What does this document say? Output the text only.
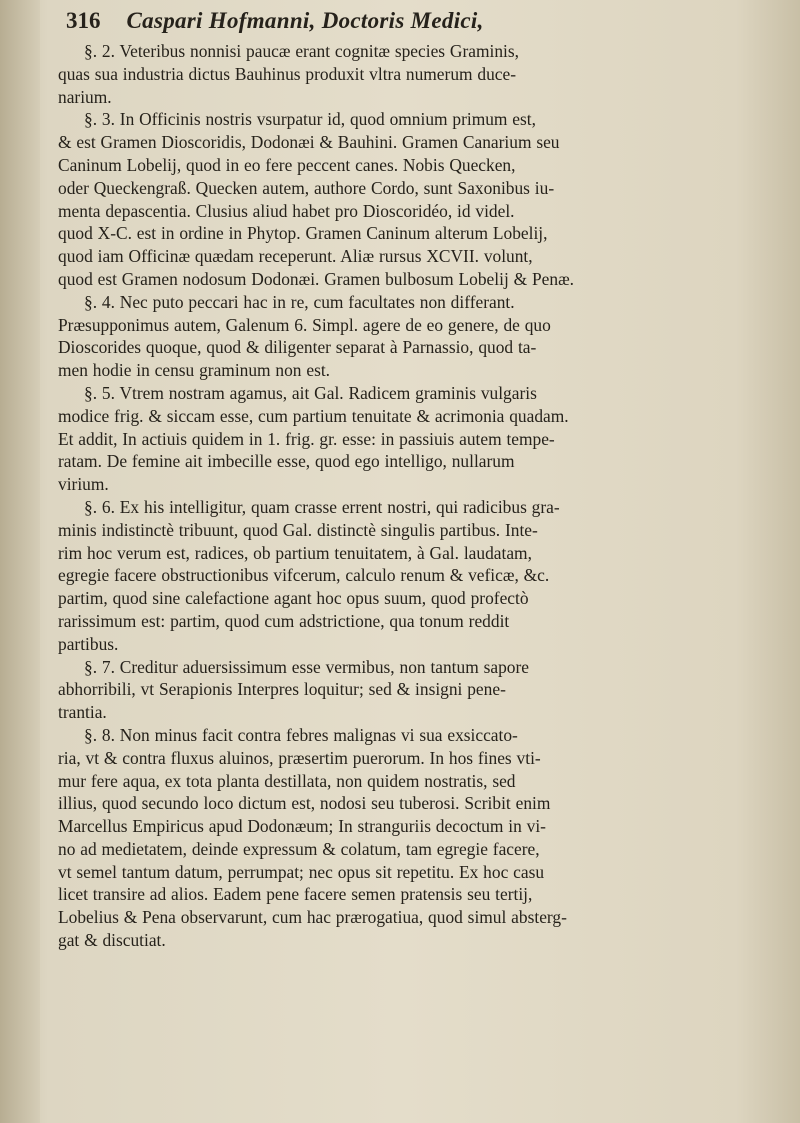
316 Caspari Hofmanni, Doctoris Medici,

§. 2. Veteribus nonnisi paucæ erant cognitæ species Graminis,
quas sua industria dictus Bauhinus produxit vltra numerum duce-
narium.

§. 3. In Officinis nostris vsurpatur id, quod omnium primum est,
& est Gramen Dioscoridis, Dodonæi & Bauhini. Gramen Canarium seu
Caninum Lobelij, quod in eo fere peccent canes. Nobis Quecken,
oder Queckengraß. Quecken autem, authore Cordo, sunt Saxonibus iu-
menta depascentia. Clusius aliud habet pro Dioscoridéo, id videl.
quod X-C. est in ordine in Phytop. Gramen Caninum alterum Lobelij,
quod iam Officinæ quædam receperunt. Aliæ rursus XCVII. volunt,
quod est Gramen nodosum Dodonæi. Gramen bulbosum Lobelij & Penæ.

§. 4. Nec puto peccari hac in re, cum facultates non differant.
Præsupponimus autem, Galenum 6. Simpl. agere de eo genere, de quo
Dioscorides quoque, quod & diligenter separat à Parnassio, quod ta-
men hodie in censu graminum non est.

§. 5. Vtrem nostram agamus, ait Gal. Radicem graminis vulgaris
modice frig. & siccam esse, cum partium tenuitate & acrimonia quadam.
Et addit, In actiuis quidem in 1. frig. gr. esse: in passiuis autem tempe-
ratam. De femine ait imbecille esse, quod ego intelligo, nullarum
virium.

§. 6. Ex his intelligitur, quam crasse errent nostri, qui radicibus gra-
minis indistinctè tribuunt, quod Gal. distinctè singulis partibus. Inte-
rim hoc verum est, radices, ob partium tenuitatem, à Gal. laudatam,
egregie facere obstructionibus vifcerum, calculo renum & veficæ, &c.
partim, quod sine calefactione agant hoc opus suum, quod profectò
rarissimum est: partim, quod cum adstrictione, qua tonum reddit
partibus.

§. 7. Creditur aduersissimum esse vermibus, non tantum sapore
abhorribili, vt Serapionis Interpres loquitur; sed & insigni pene-
trantia.

§. 8. Non minus facit contra febres malignas vi sua exsiccato-
ria, vt & contra fluxus aluinos, præsertim puerorum. In hos fines vti-
mur fere aqua, ex tota planta destillata, non quidem nostratis, sed
illius, quod secundo loco dictum est, nodosi seu tuberosi. Scribit enim
Marcellus Empiricus apud Dodonæum; In stranguriis decoctum in vi-
no ad medietatem, deinde expressum & colatum, tam egregie facere,
vt semel tantum datum, perrumpat; nec opus sit repetitu. Ex hoc casu
licet transire ad alios. Eadem pene facere semen pratensis seu tertij,
Lobelius & Pena observarunt, cum hac prærogatiua, quod simul absterg-
gat & discutiat.
